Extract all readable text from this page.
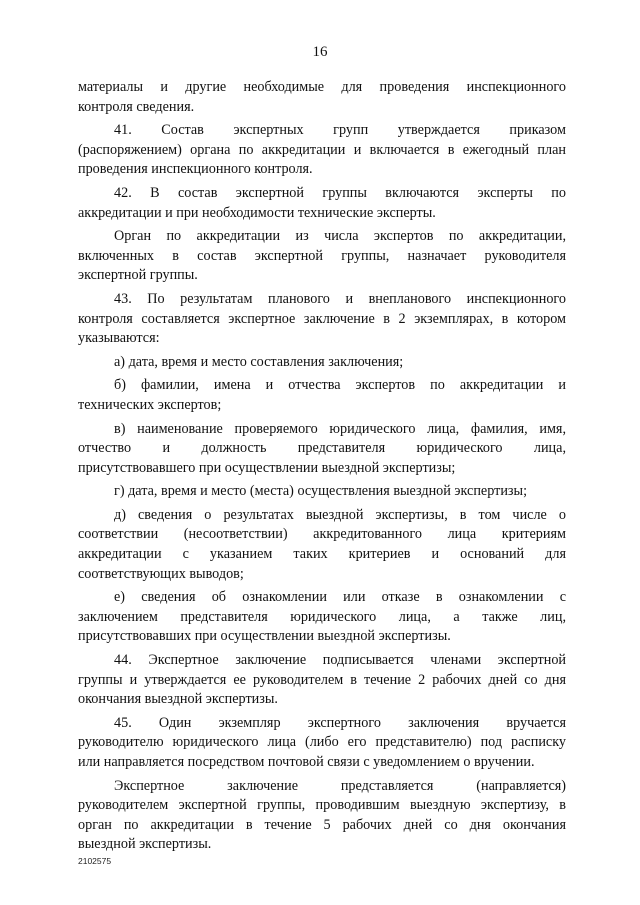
16
материалы и другие необходимые для проведения инспекционного
контроля сведения.
41. Состав экспертных групп утверждается приказом
(распоряжением) органа по аккредитации и включается в ежегодный план
проведения инспекционного контроля.
42. В состав экспертной группы включаются эксперты по
аккредитации и при необходимости технические эксперты.
Орган по аккредитации из числа экспертов по аккредитации,
включенных в состав экспертной группы, назначает руководителя
экспертной группы.
43. По результатам планового и внепланового инспекционного
контроля составляется экспертное заключение в 2 экземплярах, в котором
указываются:
а) дата, время и место составления заключения;
б) фамилии, имена и отчества экспертов по аккредитации и
технических экспертов;
в) наименование проверяемого юридического лица, фамилия, имя,
отчество и должность представителя юридического лица,
присутствовавшего при осуществлении выездной экспертизы;
г) дата, время и место (места) осуществления выездной экспертизы;
д) сведения о результатах выездной экспертизы, в том числе о
соответствии (несоответствии) аккредитованного лица критериям
аккредитации с указанием таких критериев и оснований для
соответствующих выводов;
е) сведения об ознакомлении или отказе в ознакомлении с
заключением представителя юридического лица, а также лиц,
присутствовавших при осуществлении выездной экспертизы.
44. Экспертное заключение подписывается членами экспертной
группы и утверждается ее руководителем в течение 2 рабочих дней со дня
окончания выездной экспертизы.
45. Один экземпляр экспертного заключения вручается
руководителю юридического лица (либо его представителю) под расписку
или направляется посредством почтовой связи с уведомлением о вручении.
Экспертное заключение представляется (направляется)
руководителем экспертной группы, проводившим выездную экспертизу, в
орган по аккредитации в течение 5 рабочих дней со дня окончания
выездной экспертизы.
2102575
